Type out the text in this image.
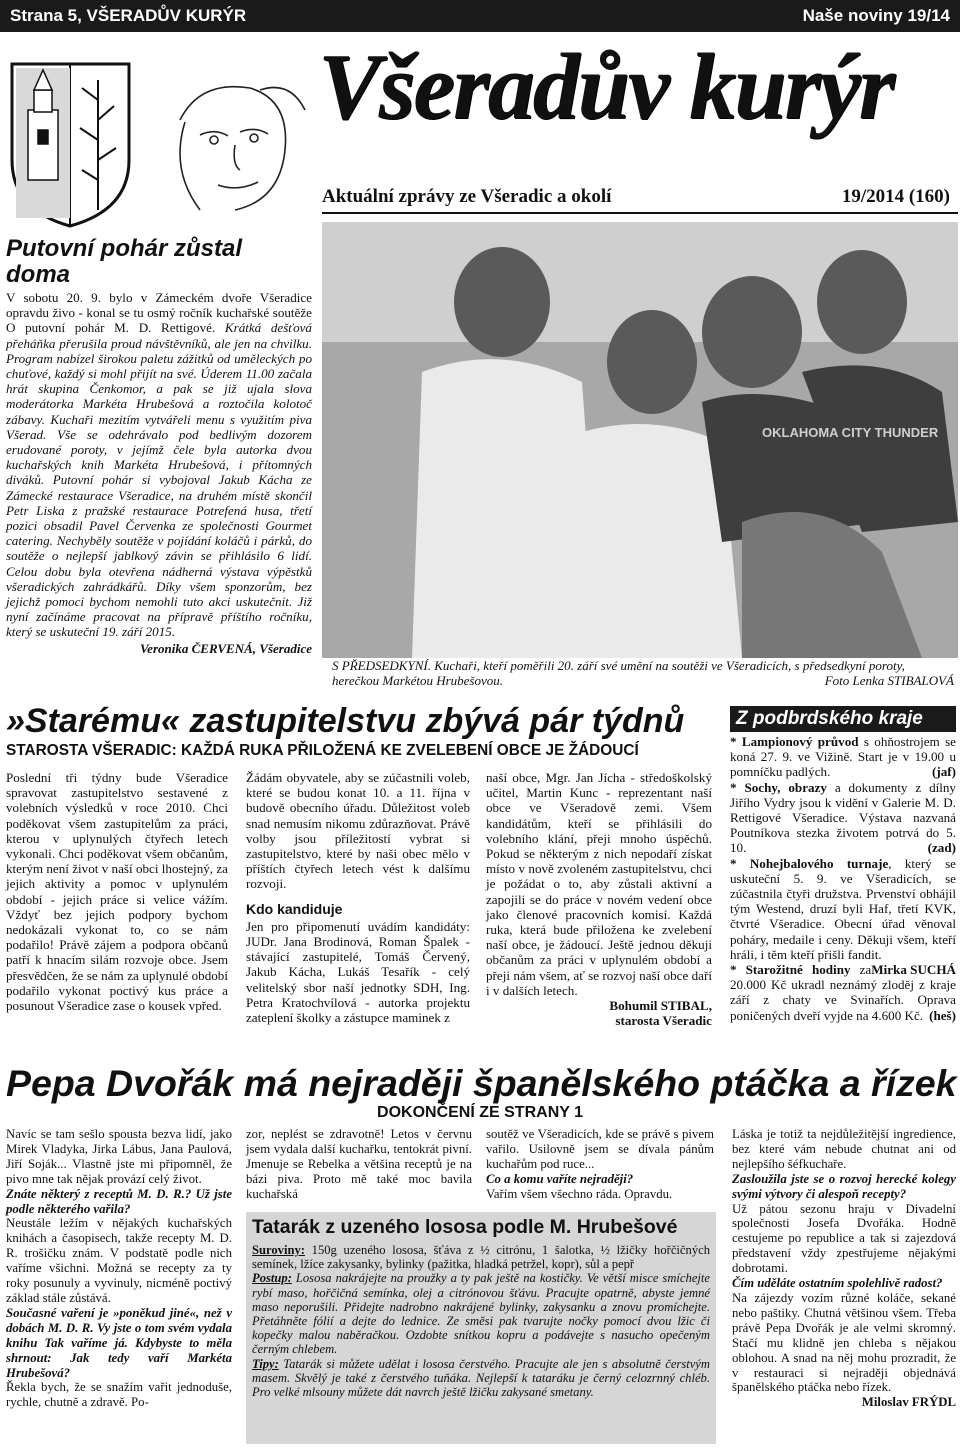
Strana 5, VŠERADŮV KURÝR	Naše noviny 19/14
Všeradův kurýr
Aktuální zprávy ze Všeradic a okolí	19/2014 (160)
Putovní pohár zůstal doma
V sobotu 20. 9. bylo v Zámeckém dvoře Všeradice opravdu živo - konal se tu osmý ročník kuchařské soutěže O putovní pohár M. D. Rettigové. Krátká dešťová přeháňka přerušila proud návštěvníků, ale jen na chvilku. Program nabízel širokou paletu zážitků od uměleckých po chuťové, každý si mohl přijít na své. Úderem 11.00 začala hrát skupina Čenkomor, a pak se již ujala slova moderátorka Markéta Hrubešová a roztočila kolotoč zábavy. Kuchaři mezitím vytvářeli menu s využitím piva Všerad. Vše se odehrávalo pod bedlivým dozorem erudované poroty, v jejímž čele byla autorka dvou kuchařských knih Markéta Hrubešová, i přítomných diváků. Putovní pohár si vybojoval Jakub Kácha ze Zámecké restaurace Všeradice, na druhém místě skončil Petr Liska z pražské restaurace Potrefená husa, třetí pozici obsadil Pavel Červenka ze společnosti Gourmet catering. Nechyběly soutěže v pojídání koláčů i párků, do soutěže o nejlepší jablkový závin se přihlásilo 6 lidí. Celou dobu byla otevřena nádherná výstava výpěstků všeradických zahrádkářů. Díky všem sponzorům, bez jejichž pomoci bychom nemohli tuto akci uskutečnit. Již nyní začínáme pracovat na přípravě příštího ročníku, který se uskuteční 19. září 2015.
Veronika ČERVENÁ, Všeradice
OKLAHOMA CITY THUNDER
S PŘEDSEDKYNÍ. Kuchaři, kteří poměřili 20. září své umění na soutěži ve Všeradicích, s předsedkyní poroty, herečkou Markétou Hrubešovou.	Foto Lenka STIBALOVÁ
»Starému« zastupitelstvu zbývá pár týdnů
STAROSTA VŠERADIC: KAŽDÁ RUKA PŘILOŽENÁ KE ZVELEBENÍ OBCE JE ŽÁDOUCÍ
Poslední tři týdny bude Všeradice spravovat zastupitelstvo sestavené z volebních výsledků v roce 2010. Chci poděkovat všem zastupitelům za práci, kterou v uplynulých čtyřech letech vykonali. Chci poděkovat všem občanům, kterým není život v naší obci lhostejný, za jejich aktivity a pomoc v uplynulém období - jejich práce si velice vážím. Vždyť bez jejich podpory bychom nedokázali vykonat to, co se nám podařilo! Právě zájem a podpora občanů patří k hnacím silám rozvoje obce. Jsem přesvědčen, že se nám za uplynulé období podařilo vykonat poctivý kus práce a posunout Všeradice zase o kousek vpřed.

Žádám obyvatele, aby se zúčastnili voleb, které se budou konat 10. a 11. října v budově obecního úřadu. Důležitost voleb snad nemusím nikomu zdůrazňovat. Právě volby jsou příležitostí vybrat si zastupitelstvo, které by naši obec mělo v příštích čtyřech letech vést k dalšímu rozvoji.

Kdo kandiduje

Jen pro připomenutí uvádím kandidáty: JUDr. Jana Brodinová, Roman Špalek - stávající zastupitelé, Tomáš Červený, Jakub Kácha, Lukáš Tesařík - celý velitelský sbor naší jednotky SDH, Ing. Petra Kratochvílová - autorka projektu zateplení školky a zástupce maminek z

naší obce, Mgr. Jan Jícha - středoškolský učitel, Martin Kunc - reprezentant naší obce ve Všeradově zemi. Všem kandidátům, kteří se přihlásili do volebního klání, přeji mnoho úspěchů. Pokud se některým z nich nepodaří získat místo v nově zvoleném zastupitelstvu, chci je požádat o to, aby zůstali aktivní a zapojili se do práce v novém vedení obce jako členové pracovních komisí. Každá ruka, která bude přiložena ke zvelebení naší obce, je žádoucí. Ještě jednou děkuji občanům za práci v uplynulém období a přeji nám všem, ať se rozvoj naší obce daří i v dalších letech.

Bohumil STIBAL,

starosta Všeradic

Z podbrdského kraje

* Lampionový průvod s ohňostrojem se koná 27. 9. ve Vižině. Start je v 19.00 u pomníčku padlých.	(jaf)

* Sochy, obrazy a dokumenty z dílny Jiřího Vydry jsou k vidění v Galerie M. D. Rettigové Všeradice. Výstava nazvaná Poutníkova stezka životem potrvá do 5. 10.	(zad)

* Nohejbalového turnaje, který se uskuteční 5. 9. ve Všeradicích, se zúčastnila čtyři družstva. Prvenství obhájil tým Westend, druzí byli Haf, třetí KVK, čtvrté Všeradice. Obecní úřad věnoval poháry, medaile i ceny. Děkuji všem, kteří hráli, i těm kteří přišli fandit.
Mirka SUCHÁ

* Starožitné hodiny za 20.000 Kč ukradl neznámý zloděj z kraje září z chaty ve Svinařích. Oprava poničených dveří vyjde na 4.600 Kč. (heš)

Pepa Dvořák má nejraději španělského ptáčka a řízek
DOKONČENÍ ZE STRANY 1

Navíc se tam sešlo spousta bezva lidí, jako Mirek Vladyka, Jirka Lábus, Jana Paulová, Jiří Soják... Vlastně jste mi připomněl, že pivo mne tak nějak provází celý život.

Znáte některý z receptů M. D. R.? Už jste podle některého vařila?

Neustále ležím v nějakých kuchařských knihách a časopisech, takže recepty M. D. R. trošičku znám. V podstatě podle nich vaříme všichni. Možná se recepty za ty roky posunuly a vyvinuly, nicméně poctivý základ stále zůstává.

Současné vaření je »poněkud jiné«, než v dobách M. D. R. Vy jste o tom svém vydala knihu Tak vaříme já. Kdybyste to měla shrnout: Jak tedy vaří Markéta Hrubešová?

Řekla bych, že se snažím vařit jednoduše, rychle, chutně a zdravě. Po-

zor, neplést se zdravotně! Letos v červnu jsem vydala další kuchařku, tentokrát pivní. Jmenuje se Rebelka a většina receptů je na bázi piva. Proto mě také moc bavila kuchařská

soutěž ve Všeradicích, kde se právě s pivem vařilo. Usilovně jsem se dívala pánům kuchařům pod ruce...

Co a komu vaříte nejraději?

Vařím všem všechno ráda. Opravdu.

Láska je totiž ta nejdůležitější ingredience, bez které vám nebude chutnat ani od nejlepšího šéfkuchaře.

Zasloužila jste se o rozvoj herecké kolegy svými výtvory či alespoň recepty?

Už pátou sezonu hraju v Divadelní společnosti Josefa Dvořáka. Hodně cestujeme po republice a tak si zajezdová představení vždy zpestřujeme nějakými dobrotami.

Čím uděláte ostatním spolehlivě radost?

Na zájezdy vozím různé koláče, sekané nebo paštiky. Chutná většinou všem. Třeba právě Pepa Dvořák je ale velmi skromný. Stačí mu klidně jen chleba s nějakou oblohou. A snad na něj mohu prozradit, že v restauraci si nejraději objednává španělského ptáčka nebo řízek.

Miloslav FRÝDL

Tatarák z uzeného lososa podle M. Hrubešové

Suroviny: 150g uzeného lososa, šťáva z ½ citrónu, 1 šalotka, ½ lžičky hořčičných semínek, lžíce zakysanky, bylinky (pažitka, hladká petržel, kopr), sůl a pepř

Postup: Lososa nakrájejte na proužky a ty pak ještě na kostičky. Ve větší misce smíchejte rybí maso, hořčičná semínka, olej a citrónovou šťávu. Pracujte opatrně, abyste jemné maso neporušili. Přidejte nadrobno nakrájené bylinky, zakysanku a znovu promíchejte. Přetáhněte fólií a dejte do lednice. Ze směsi pak tvarujte nočky pomocí dvou lžic či kopečky malou naběračkou. Ozdobte snítkou kopru a podávejte s nasucho opečeným černým chlebem.

Tipy: Tatarák si můžete udělat i lososa čerstvého. Pracujte ale jen s absolutně čerstvým masem. Skvělý je také z čerstvého tuňáka. Nejlepší k tataráku je černý celozrnný chléb. Pro velké mlsouny můžete dát navrch ještě lžičku zakysané smetany.
